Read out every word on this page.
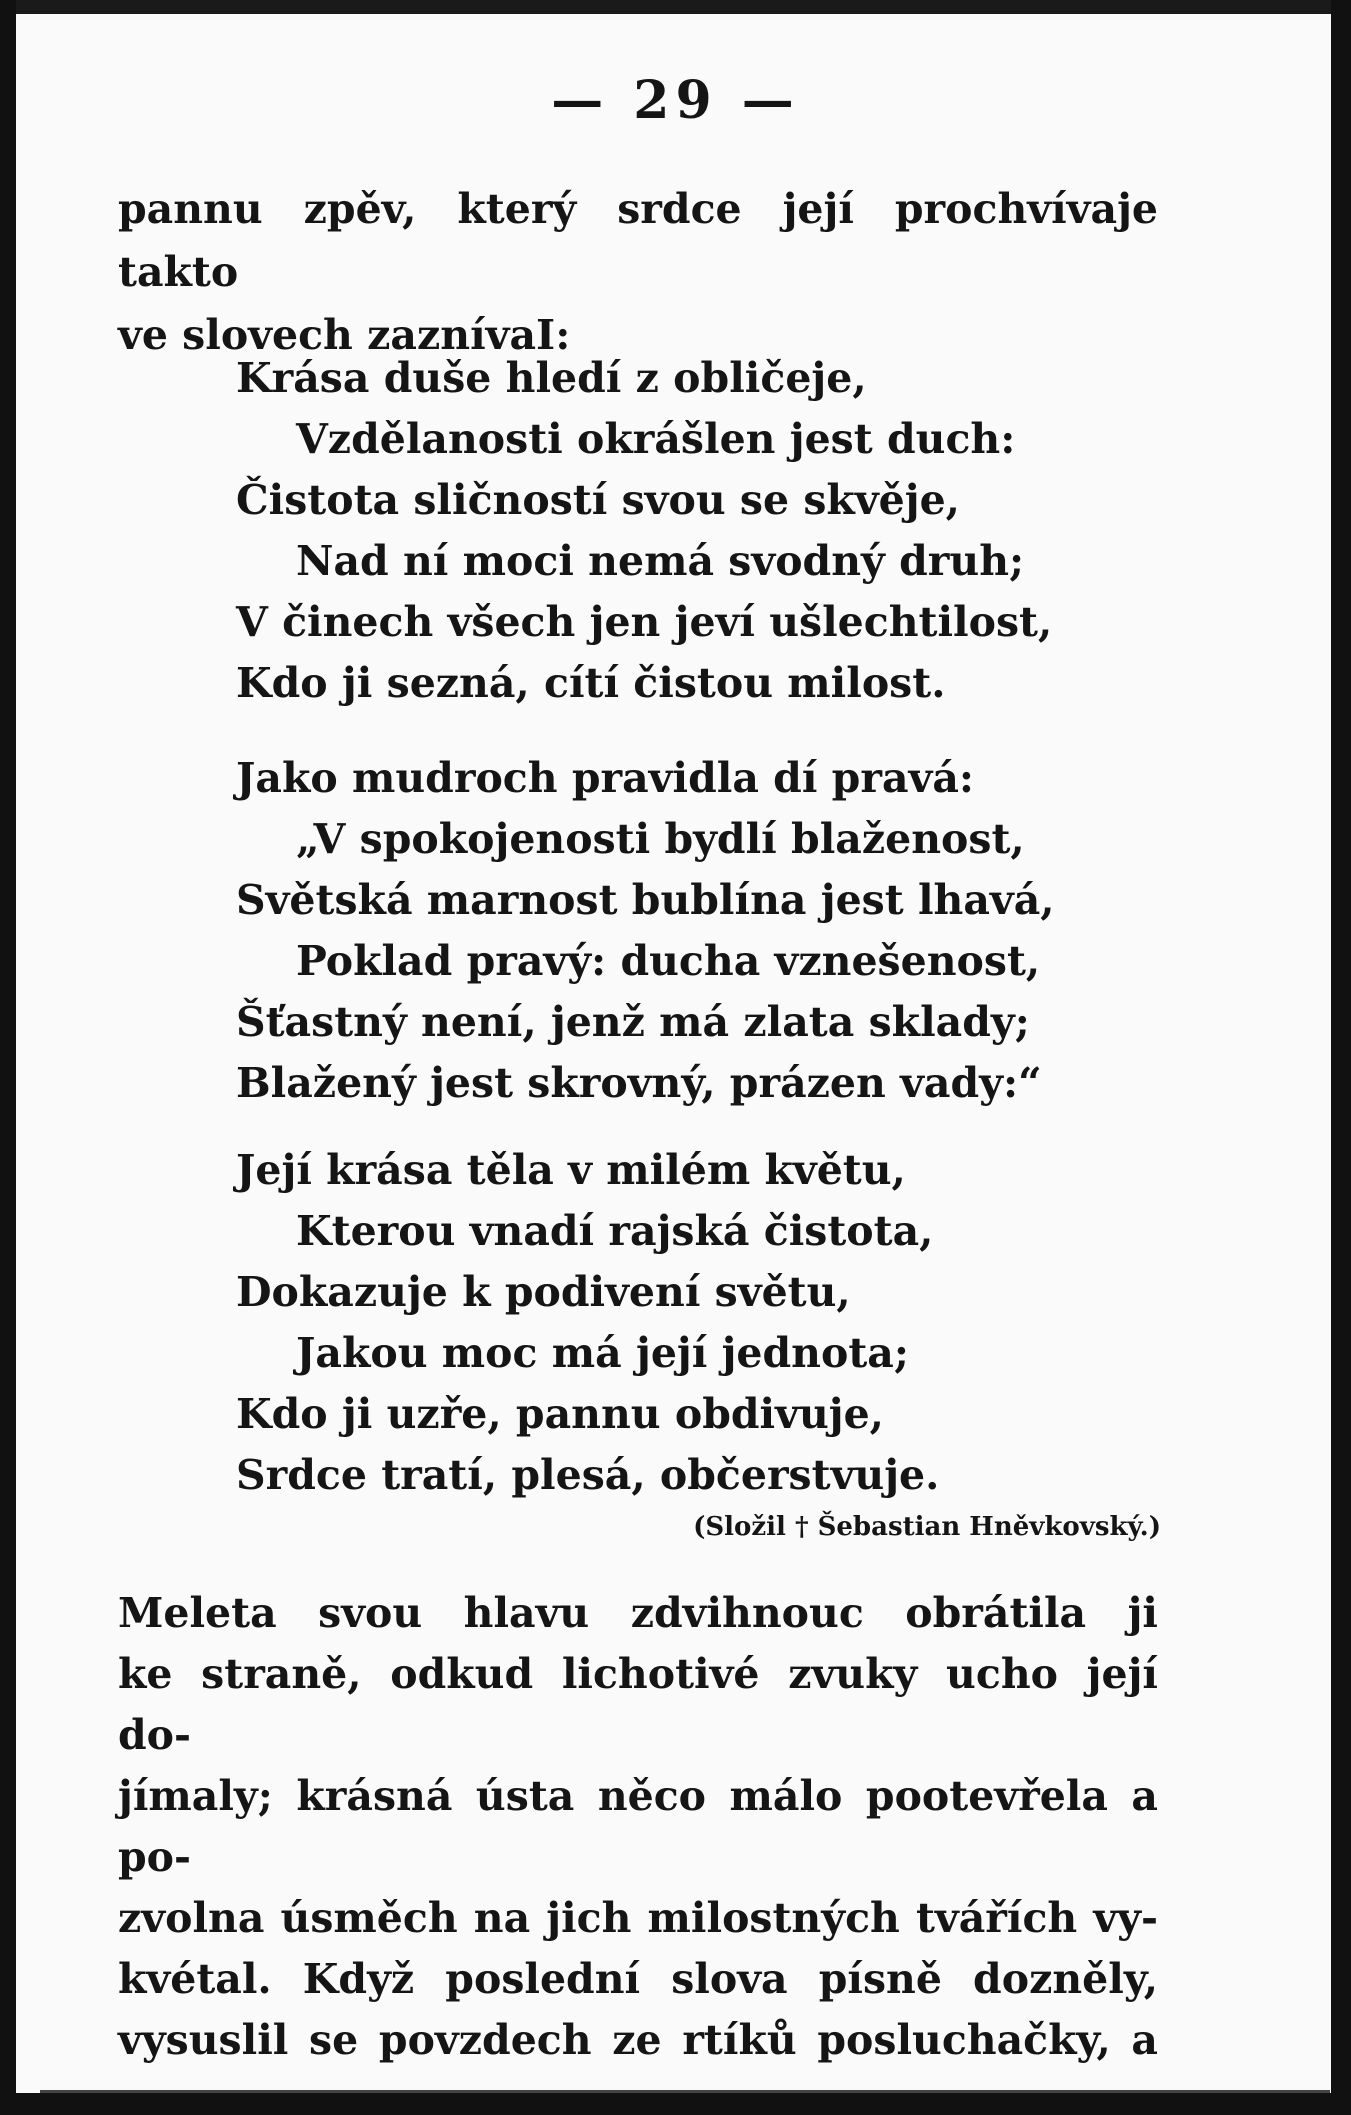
— 29 —
pannu zpěv, který srdce její prochvívaje takto
ve slovech zaznívaI:
Krása duše hledí z obličeje,
Vzdělanosti okrášlen jest duch:
Čistota sličností svou se skvěje,
Nad ní moci nemá svodný druh;
V činech všech jen jeví ušlechtilost,
Kdo ji sezná, cítí čistou milost.
Jako mudroch pravidla dí pravá:
„V spokojenosti bydlí blaženost,
Světská marnost bublína jest lhavá,
Poklad pravý: ducha vznešenost,
Šťastný není, jenž má zlata sklady;
Blažený jest skrovný, prázen vady:“
Její krása těla v milém květu,
Kterou vnadí rajská čistota,
Dokazuje k podivení světu,
Jakou moc má její jednota;
Kdo ji uzře, pannu obdivuje,
Srdce tratí, plesá, občerstvuje.
(Složil † Šebastian Hněvkovský.)
Meleta svou hlavu zdvihnouc obrátila ji
ke straně, odkud lichotivé zvuky ucho její do-
jímaly; krásná ústa něco málo pootevřela a po-
zvolna úsměch na jich milostných tvářích vy-
kvétal. Když poslední slova písně dozněly,
vysuslil se povzdech ze rtíků posluchačky, a
